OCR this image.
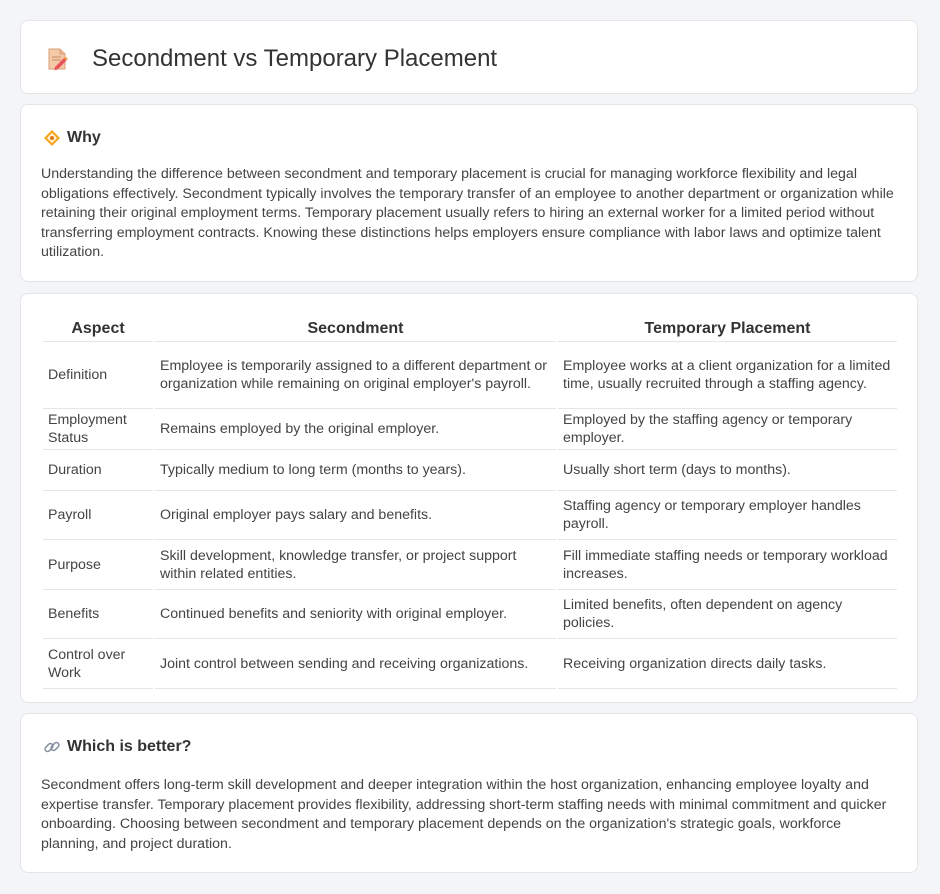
Secondment vs Temporary Placement
Why

Understanding the difference between secondment and temporary placement is crucial for managing workforce flexibility and legal obligations effectively. Secondment typically involves the temporary transfer of an employee to another department or organization while retaining their original employment terms. Temporary placement usually refers to hiring an external worker for a limited period without transferring employment contracts. Knowing these distinctions helps employers ensure compliance with labor laws and optimize talent utilization.

Aspect	Secondment	Temporary Placement
Definition	Employee is temporarily assigned to a different department or organization while remaining on original employer's payroll.	Employee works at a client organization for a limited time, usually recruited through a staffing agency.
Employment Status	Remains employed by the original employer.	Employed by the staffing agency or temporary employer.
Duration	Typically medium to long term (months to years).	Usually short term (days to months).
Payroll	Original employer pays salary and benefits.	Staffing agency or temporary employer handles payroll.
Purpose	Skill development, knowledge transfer, or project support within related entities.	Fill immediate staffing needs or temporary workload increases.
Benefits	Continued benefits and seniority with original employer.	Limited benefits, often dependent on agency policies.
Control over Work	Joint control between sending and receiving organizations.	Receiving organization directs daily tasks.
Which is better?

Secondment offers long-term skill development and deeper integration within the host organization, enhancing employee loyalty and expertise transfer. Temporary placement provides flexibility, addressing short-term staffing needs with minimal commitment and quicker onboarding. Choosing between secondment and temporary placement depends on the organization's strategic goals, workforce planning, and project duration.
